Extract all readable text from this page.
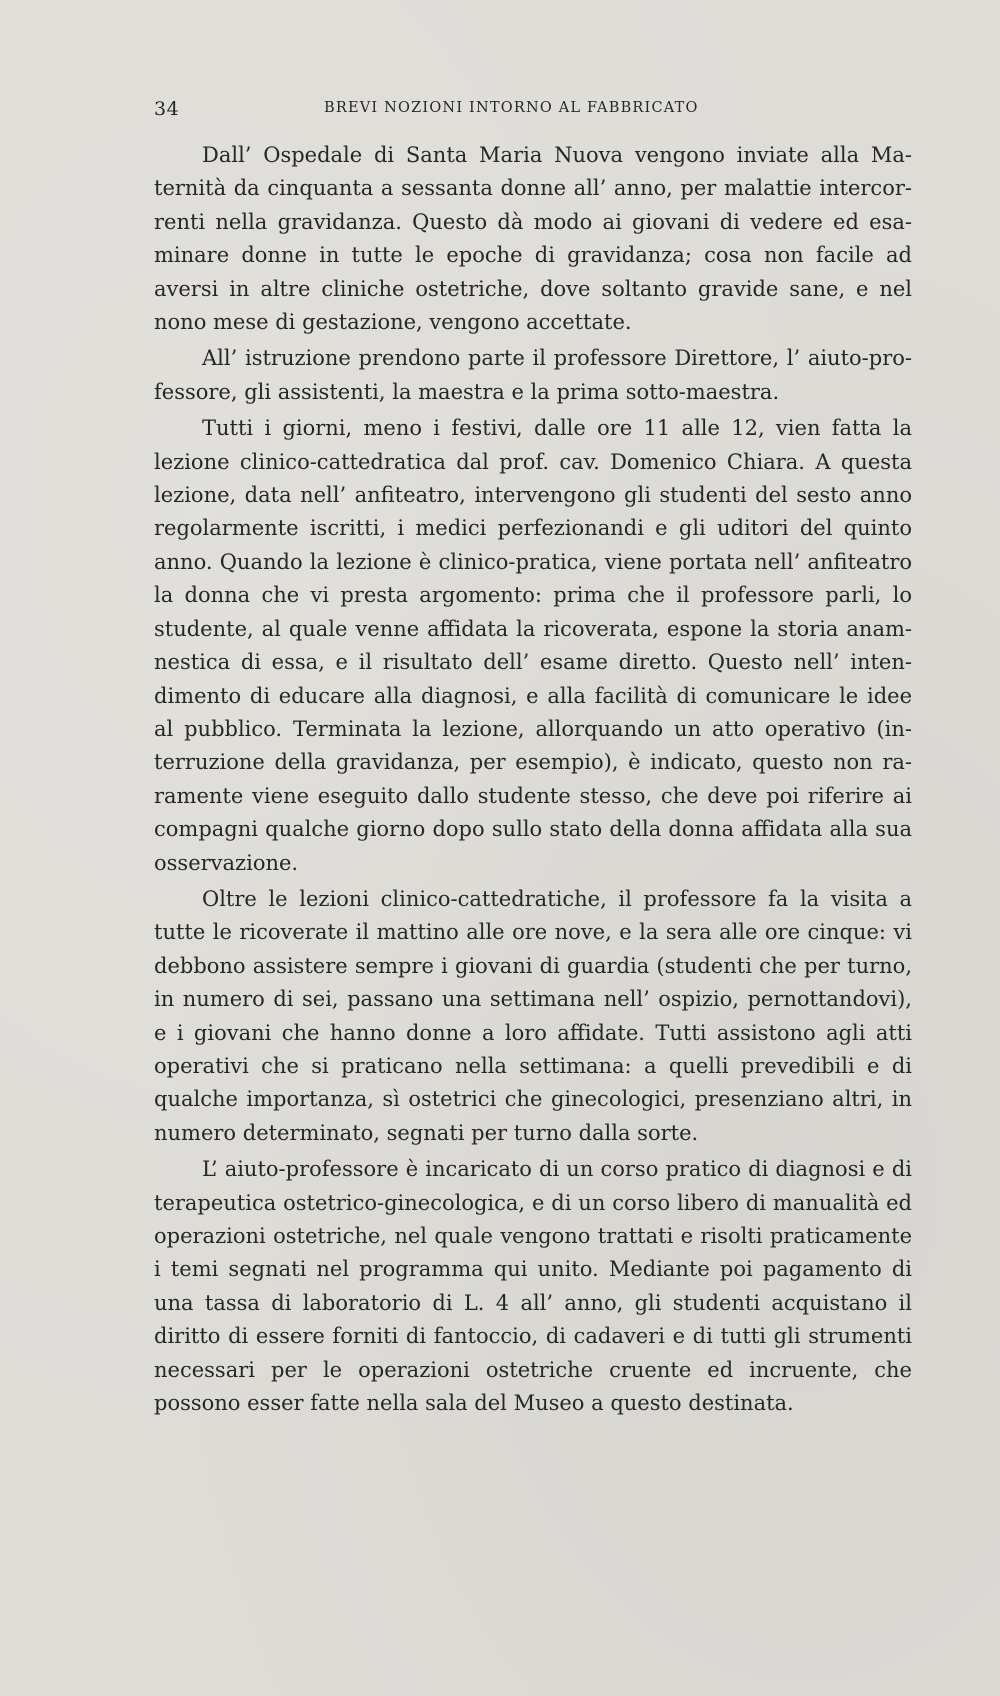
34	BREVI NOZIONI INTORNO AL FABBRICATO

Dall’ Ospedale di Santa Maria Nuova vengono inviate alla Maternità da cinquanta a sessanta donne all’ anno, per malattie intercorrenti nella gravidanza. Questo dà modo ai giovani di vedere ed esaminare donne in tutte le epoche di gravidanza; cosa non facile ad aversi in altre cliniche ostetriche, dove soltanto gravide sane, e nel nono mese di gestazione, vengono accettate.

All’ istruzione prendono parte il professore Direttore, l’ aiuto-professore, gli assistenti, la maestra e la prima sotto-maestra.

Tutti i giorni, meno i festivi, dalle ore 11 alle 12, vien fatta la lezione clinico-cattedratica dal prof. cav. Domenico Chiara. A questa lezione, data nell’ anfiteatro, intervengono gli studenti del sesto anno regolarmente iscritti, i medici perfezionandi e gli uditori del quinto anno. Quando la lezione è clinico-pratica, viene portata nell’ anfiteatro la donna che vi presta argomento: prima che il professore parli, lo studente, al quale venne affidata la ricoverata, espone la storia anamnestica di essa, e il risultato dell’ esame diretto. Questo nell’ intendimento di educare alla diagnosi, e alla facilità di comunicare le idee al pubblico. Terminata la lezione, allorquando un atto operativo (interruzione della gravidanza, per esempio), è indicato, questo non raramente viene eseguito dallo studente stesso, che deve poi riferire ai compagni qualche giorno dopo sullo stato della donna affidata alla sua osservazione.

Oltre le lezioni clinico-cattedratiche, il professore fa la visita a tutte le ricoverate il mattino alle ore nove, e la sera alle ore cinque: vi debbono assistere sempre i giovani di guardia (studenti che per turno, in numero di sei, passano una settimana nell’ ospizio, pernottandovi), e i giovani che hanno donne a loro affidate. Tutti assistono agli atti operativi che si praticano nella settimana: a quelli prevedibili e di qualche importanza, sì ostetrici che ginecologici, presenziano altri, in numero determinato, segnati per turno dalla sorte.

L’ aiuto-professore è incaricato di un corso pratico di diagnosi e di terapeutica ostetrico-ginecologica, e di un corso libero di manualità ed operazioni ostetriche, nel quale vengono trattati e risolti praticamente i temi segnati nel programma qui unito. Mediante poi pagamento di una tassa di laboratorio di L. 4 all’ anno, gli studenti acquistano il diritto di essere forniti di fantoccio, di cadaveri e di tutti gli strumenti necessari per le operazioni ostetriche cruente ed incruente, che possono esser fatte nella sala del Museo a questo destinata.
